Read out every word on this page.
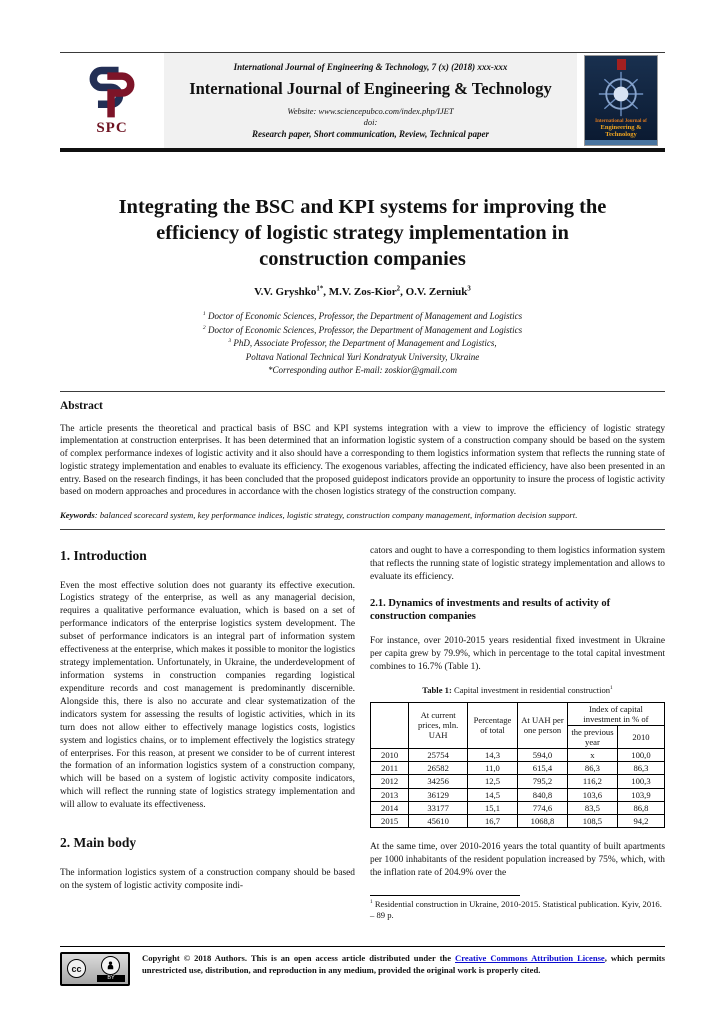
SPC
International Journal of Engineering & Technology, 7 (x) (2018) xxx-xxx
International Journal of Engineering & Technology
Website: www.sciencepubco.com/index.php/IJET
doi:
Research paper, Short communication, Review, Technical paper
International Journal of
Engineering & Technology
Integrating the BSC and KPI systems for improving the efficiency of logistic strategy implementation in construction companies
V.V. Gryshko$^{1*}$, M.V. Zos-Kior$^2$, O.V. Zerniuk$^3$
$^1$ Doctor of Economic Sciences, Professor, the Department of Management and Logistics
$^2$ Doctor of Economic Sciences, Professor, the Department of Management and Logistics
$^3$ PhD, Associate Professor, the Department of Management and Logistics,
Poltava National Technical Yuri Kondratyuk University, Ukraine
*Corresponding author E-mail: zoskior@gmail.com
Abstract

The article presents the theoretical and practical basis of BSC and KPI systems integration with a view to improve the efficiency of logistic strategy implementation at construction enterprises. It has been determined that an information logistic system of a construction company should be based on the system of complex performance indexes of logistic activity and it also should have a corresponding to them logistics information system that reflects the running state of logistic strategy implementation and enables to evaluate its efficiency. The exogenous variables, affecting the indicated efficiency, have also been presented in an entry. Based on the research findings, it has been concluded that the proposed guidepost indicators provide an opportunity to insure the process of logistic activity based on modern approaches and procedures in accordance with the chosen logistics strategy of the construction company.

Keywords: balanced scorecard system, key performance indices, logistic strategy, construction company management, information decision support.

1. Introduction

Even the most effective solution does not guaranty its effective execution. Logistics strategy of the enterprise, as well as any managerial decision, requires a qualitative performance evaluation, which is based on a set of performance indicators of the enterprise logistics system development. The subset of performance indicators is an integral part of information system effectiveness at the enterprise, which makes it possible to monitor the logistics strategy implementation. Unfortunately, in Ukraine, the underdevelopment of information systems in construction companies regarding logistical expenditure records and cost management is predominantly discernible. Alongside this, there is also no accurate and clear systematization of the indicators system for assessing the results of logistic activities, which in its turn does not allow either to effectively manage logistics costs, logistics system and logistics chains, or to implement effectively the logistics strategy of enterprises. For this reason, at present we consider to be of current interest the formation of an information logistics system of a construction company, which will be based on a system of logistic activity composite indicators, which will reflect the running state of logistics strategy implementation and will allow to evaluate its effectiveness.

2. Main body

The information logistics system of a construction company should be based on the system of logistic activity composite indi-

cators and ought to have a corresponding to them logistics information system that reflects the running state of logistic strategy implementation and allows to evaluate its efficiency.

2.1. Dynamics of investments and results of activity of construction companies

For instance, over 2010-2015 years residential fixed investment in Ukraine per capita grew by 79.9%, which in percentage to the total capital investment combines to 16.7% (Table 1).

Table 1: Capital investment in residential construction$^1$
	At current prices, mln. UAH	Percentage of total	At UAH per one person	Index of capital investment in % of	
				the previous year	2010
2010	25754	14,3	594,0	x	100,0
2011	26582	11,0	615,4	86,3	86,3
2012	34256	12,5	795,2	116,2	100,3
2013	36129	14,5	840,8	103,6	103,9
2014	33177	15,1	774,6	83,5	86,8
2015	45610	16,7	1068,8	108,5	94,2

At the same time, over 2010-2016 years the total quantity of built apartments per 1000 inhabitants of the resident population increased by 75%, which, with the inflation rate of 204.9% over the

$^1$ Residential construction in Ukraine, 2010-2015. Statistical publication. Kyiv, 2016. – 89 p.
cc
BY

Copyright © 2018 Authors. This is an open access article distributed under the Creative Commons Attribution License, which permits unrestricted use, distribution, and reproduction in any medium, provided the original work is properly cited.
